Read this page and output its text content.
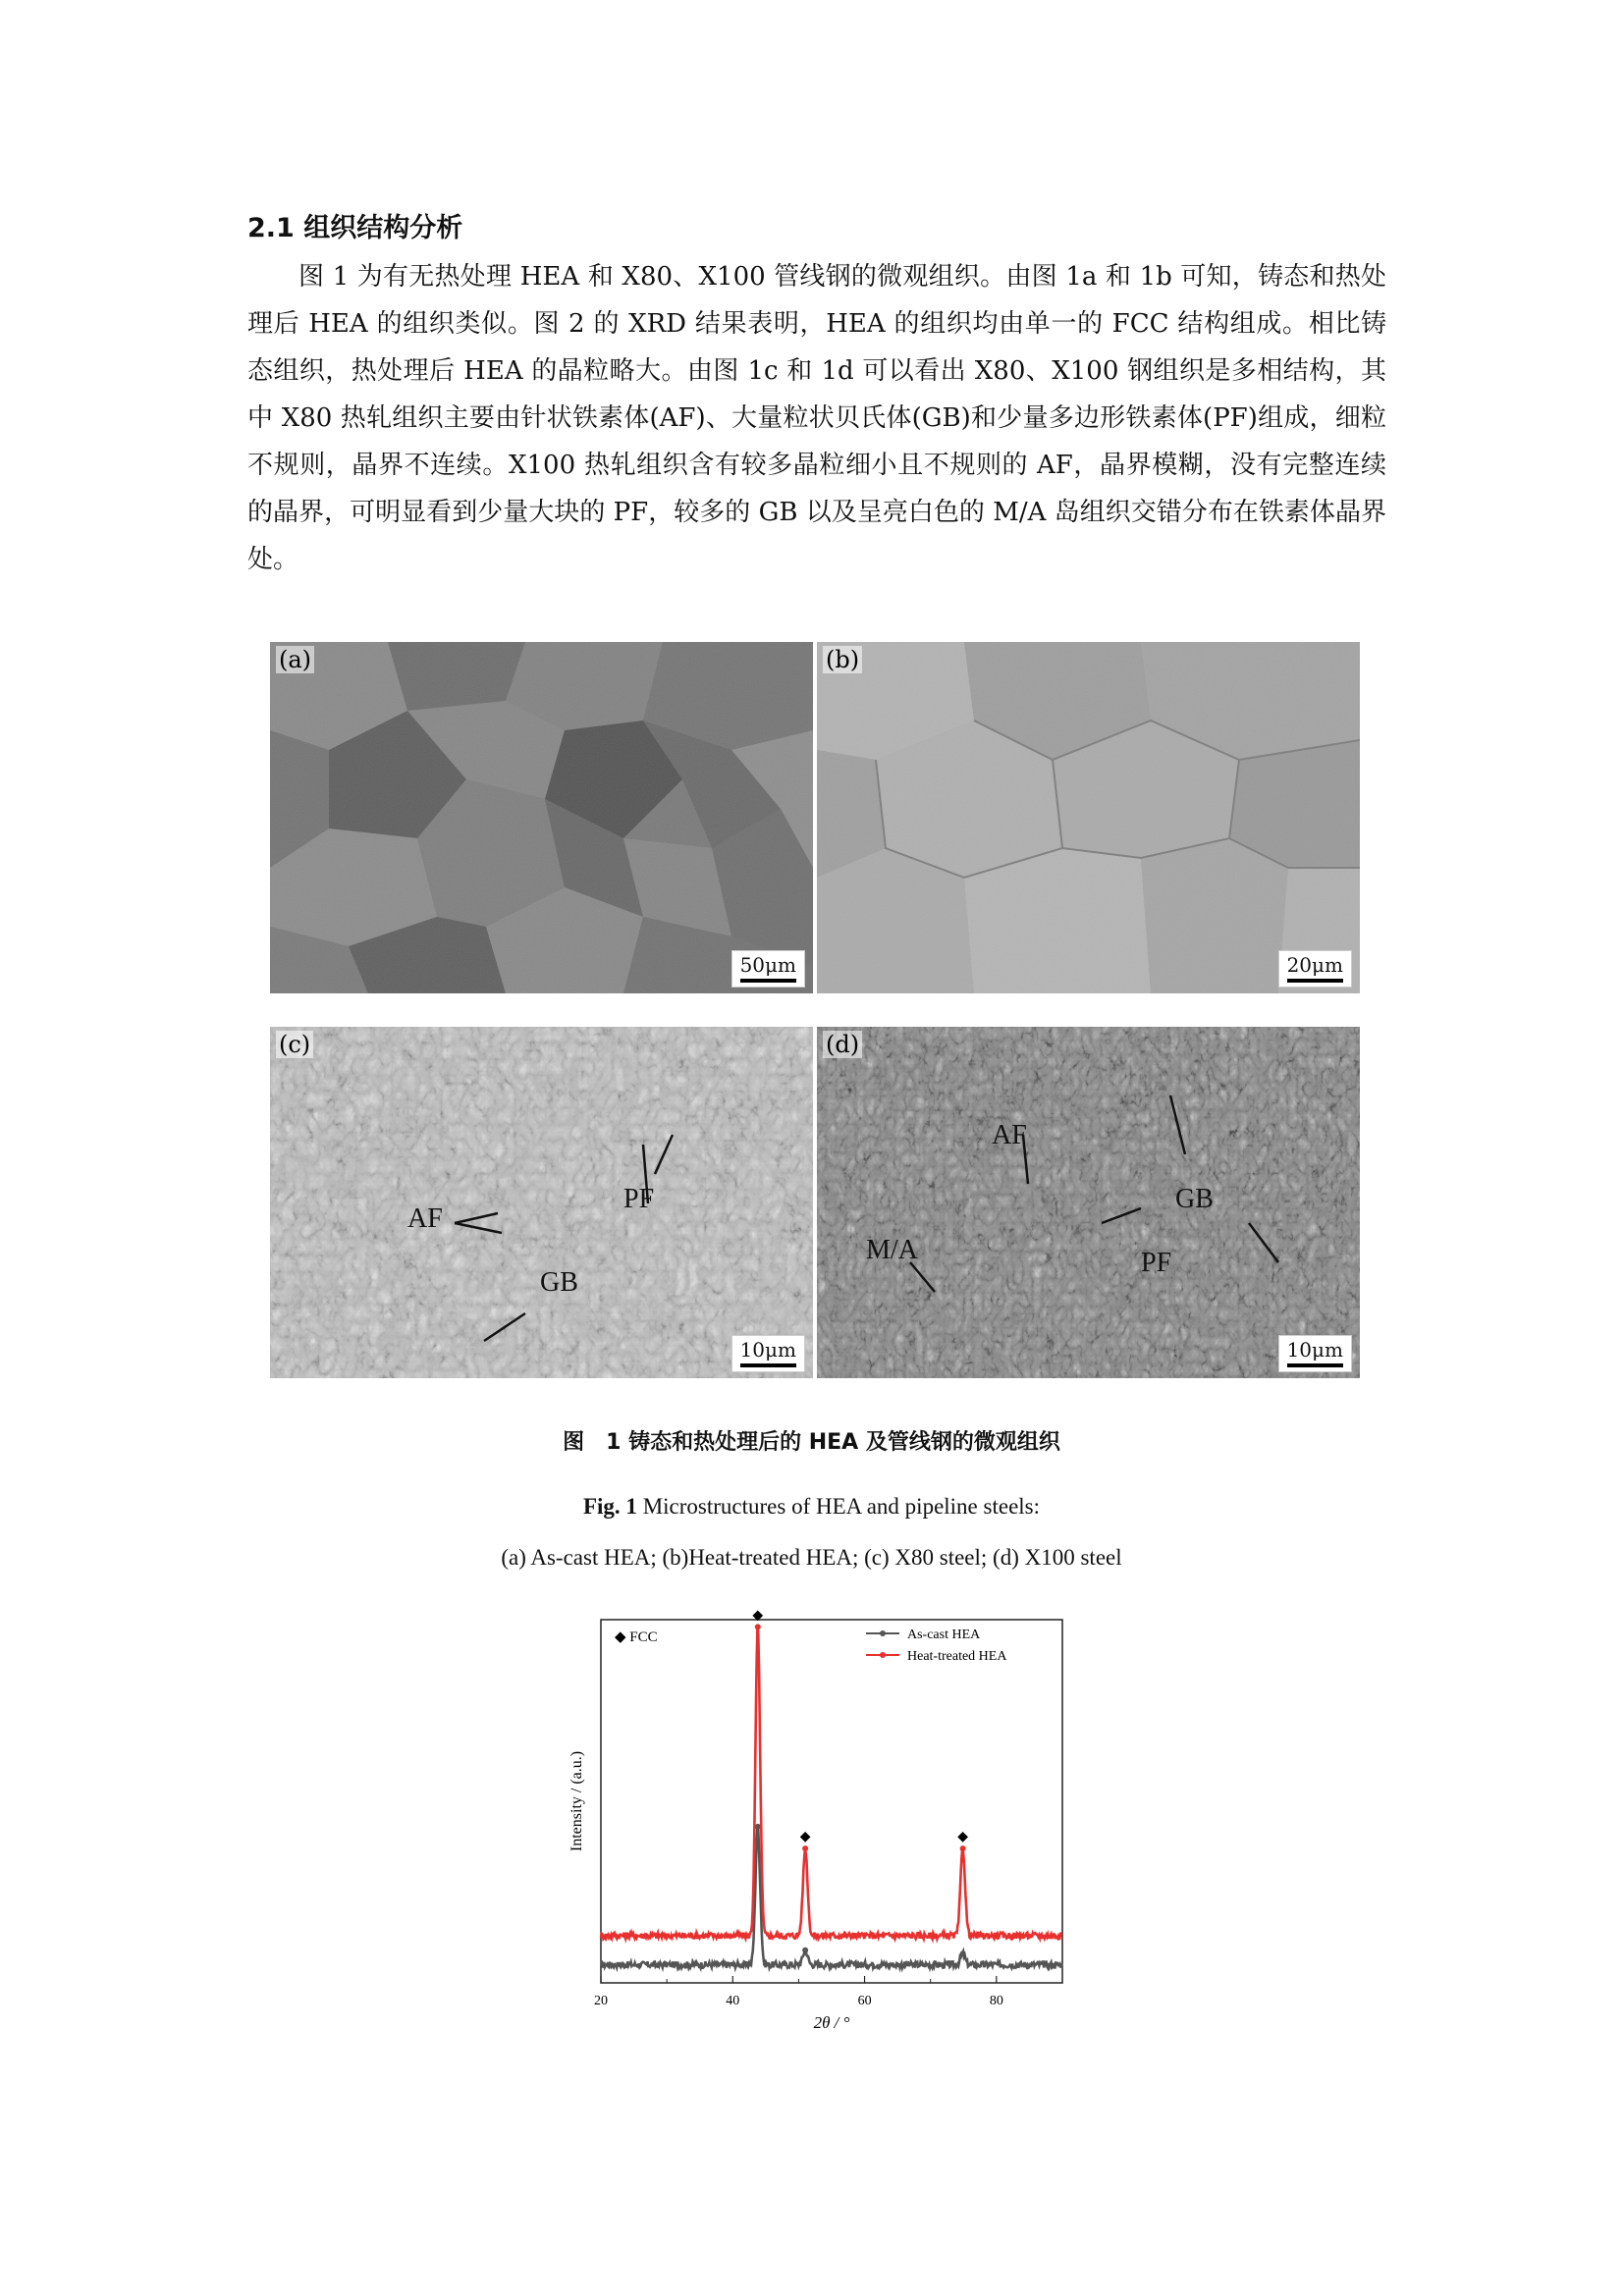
2.1 组织结构分析

图 1 为有无热处理 HEA 和 X80、X100 管线钢的微观组织。由图 1a 和 1b 可知，铸态和热处理后 HEA 的组织类似。图 2 的 XRD 结果表明，HEA 的组织均由单一的 FCC 结构组成。相比铸态组织，热处理后 HEA 的晶粒略大。由图 1c 和 1d 可以看出 X80、X100 钢组织是多相结构，其中 X80 热轧组织主要由针状铁素体(AF)、大量粒状贝氏体(GB)和少量多边形铁素体(PF)组成，细粒不规则，晶界不连续。X100 热轧组织含有较多晶粒细小且不规则的 AF，晶界模糊，没有完整连续的晶界，可明显看到少量大块的 PF，较多的 GB 以及呈亮白色的 M/A 岛组织交错分布在铁素体晶界处。

(a)
50μm
(b)
20μm
(c)
AF
PF
GB
10μm
(d)
AF
GB
M/A	PF
10μm
图　1 铸态和热处理后的 HEA 及管线钢的微观组织
Fig. 1 Microstructures of HEA and pipeline steels:
(a) As-cast HEA; (b)Heat-treated HEA; (c) X80 steel; (d) X100 steel
20	40	60	80
2θ / °
Intensity / (a.u.)
◆
◆	◆
◆ FCC	As-cast HEA
Heat-treated HEA
